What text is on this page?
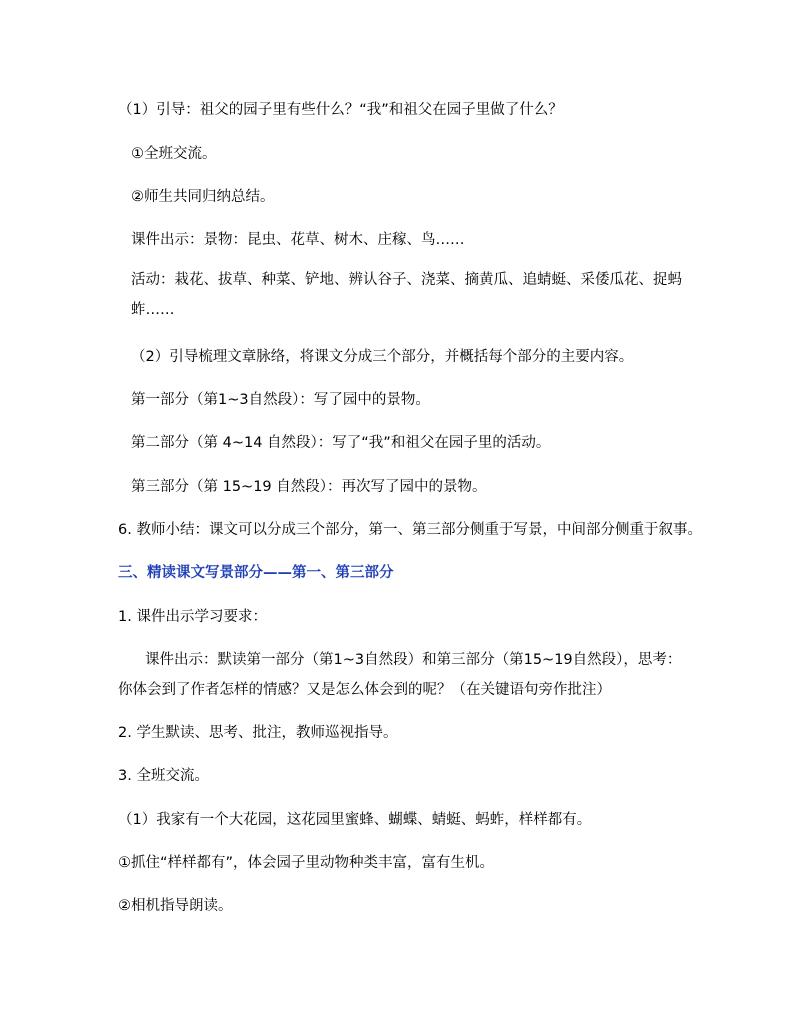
（1）引导：祖父的园子里有些什么？“我”和祖父在园子里做了什么？
①全班交流。
②师生共同归纳总结。
课件出示：景物：昆虫、花草、树木、庄稼、鸟……
活动：栽花、拔草、种菜、铲地、辨认谷子、浇菜、摘黄瓜、追蜻蜓、采倭瓜花、捉蚂蚱……
（2）引导梳理文章脉络，将课文分成三个部分，并概括每个部分的主要内容。
第一部分（第1~3自然段）：写了园中的景物。
第二部分（第 4~14 自然段）：写了“我”和祖父在园子里的活动。
第三部分（第 15~19 自然段）：再次写了园中的景物。
6. 教师小结：课文可以分成三个部分，第一、第三部分侧重于写景，中间部分侧重于叙事。
三、精读课文写景部分——第一、第三部分
1. 课件出示学习要求：
课件出示：默读第一部分（第1~3自然段）和第三部分（第15~19自然段），思考：
你体会到了作者怎样的情感？又是怎么体会到的呢？（在关键语句旁作批注）
2. 学生默读、思考、批注，教师巡视指导。
3. 全班交流。
（1）我家有一个大花园，这花园里蜜蜂、蝴蝶、蜻蜓、蚂蚱，样样都有。
①抓住“样样都有”，体会园子里动物种类丰富，富有生机。
②相机指导朗读。
